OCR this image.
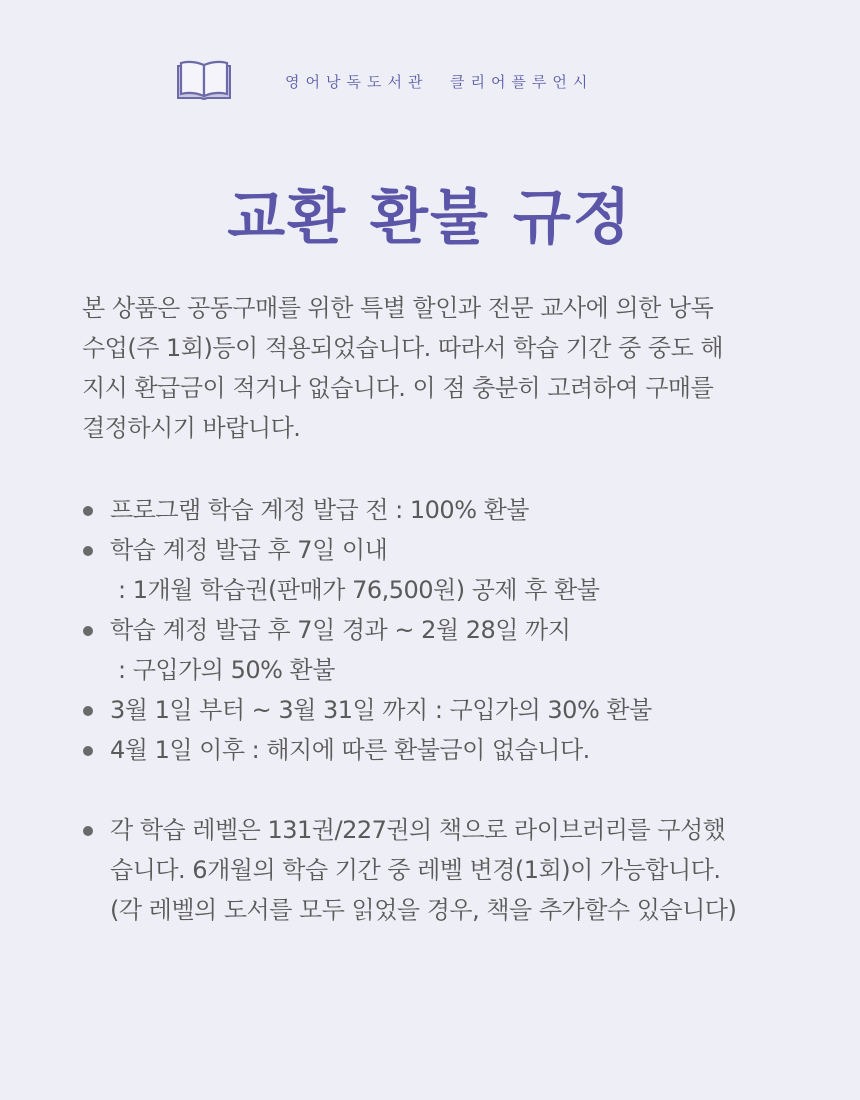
영어낭독도서관  클리어플루언시
교환 환불 규정

본 상품은 공동구매를 위한 특별 할인과 전문 교사에 의한 낭독
수업(주 1회)등이 적용되었습니다. 따라서 학습 기간 중 중도 해
지시 환급금이 적거나 없습니다. 이 점 충분히 고려하여 구매를
결정하시기 바랍니다.

프로그램 학습 계정 발급 전 : 100% 환불
학습 계정 발급 후 7일 이내
: 1개월 학습권(판매가 76,500원) 공제 후 환불
학습 계정 발급 후 7일 경과 ~ 2월 28일 까지
: 구입가의 50% 환불
3월 1일 부터 ~ 3월 31일 까지 : 구입가의 30% 환불
4월 1일 이후 : 해지에 따른 환불금이 없습니다.
각 학습 레벨은 131권/227권의 책으로 라이브러리를 구성했
습니다. 6개월의 학습 기간 중 레벨 변경(1회)이 가능합니다.
(각 레벨의 도서를 모두 읽었을 경우, 책을 추가할수 있습니다)
